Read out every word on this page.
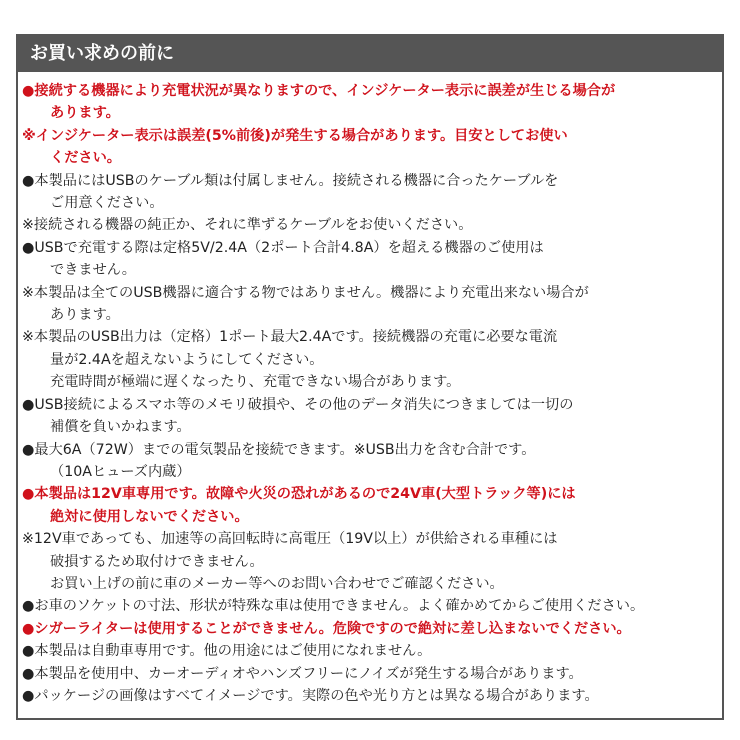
お買い求めの前に
●接続する機器により充電状況が異なりますので、インジケーター表示に誤差が生じる場合が
あります。
※インジケーター表示は誤差(5%前後)が発生する場合があります。目安としてお使い
ください。
●本製品にはUSBのケーブル類は付属しません。接続される機器に合ったケーブルを
ご用意ください。
※接続される機器の純正か、それに準ずるケーブルをお使いください。
●USBで充電する際は定格5V/2.4A（2ポート合計4.8A）を超える機器のご使用は
できません。
※本製品は全てのUSB機器に適合する物ではありません。機器により充電出来ない場合が
あります。
※本製品のUSB出力は（定格）1ポート最大2.4Aです。接続機器の充電に必要な電流
量が2.4Aを超えないようにしてください。
充電時間が極端に遅くなったり、充電できない場合があります。
●USB接続によるスマホ等のメモリ破損や、その他のデータ消失につきましては一切の
補償を負いかねます。
●最大6A（72W）までの電気製品を接続できます。※USB出力を含む合計です。
（10Aヒューズ内蔵）
●本製品は12V車専用です。故障や火災の恐れがあるので24V車(大型トラック等)には
絶対に使用しないでください。
※12V車であっても、加速等の高回転時に高電圧（19V以上）が供給される車種には
破損するため取付けできません。
お買い上げの前に車のメーカー等へのお問い合わせでご確認ください。
●お車のソケットの寸法、形状が特殊な車は使用できません。よく確かめてからご使用ください。
●シガーライターは使用することができません。危険ですので絶対に差し込まないでください。
●本製品は自動車専用です。他の用途にはご使用になれません。
●本製品を使用中、カーオーディオやハンズフリーにノイズが発生する場合があります。
●パッケージの画像はすべてイメージです。実際の色や光り方とは異なる場合があります。
